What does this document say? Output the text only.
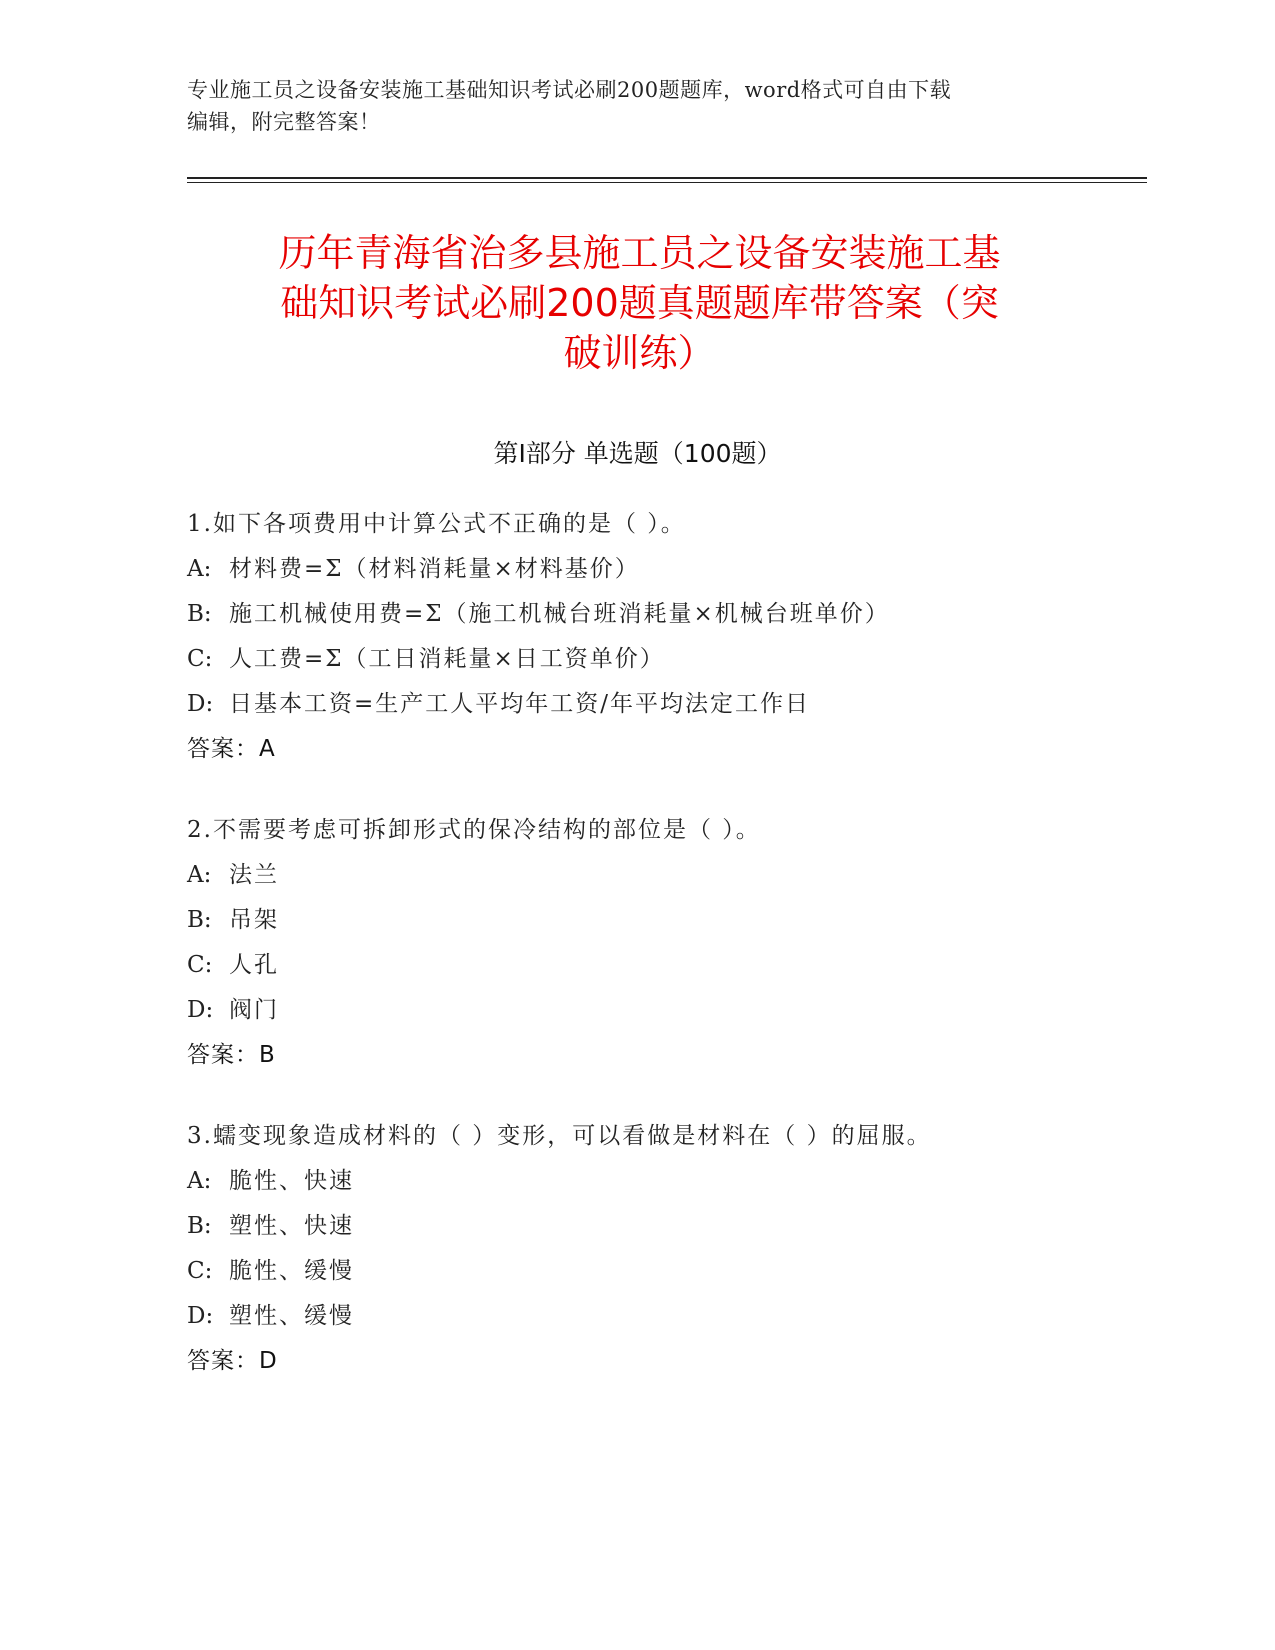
专业施工员之设备安装施工基础知识考试必刷200题题库，word格式可自由下载
编辑，附完整答案！
历年青海省治多县施工员之设备安装施工基
础知识考试必刷200题真题题库带答案（突
破训练）
第Ⅰ部分 单选题（100题）
1.如下各项费用中计算公式不正确的是（ ）。
A: 材料费=Σ（材料消耗量×材料基价）
B: 施工机械使用费=Σ（施工机械台班消耗量×机械台班单价）
C: 人工费=Σ（工日消耗量×日工资单价）
D: 日基本工资=生产工人平均年工资/年平均法定工作日
答案：A
2.不需要考虑可拆卸形式的保冷结构的部位是（ ）。
A: 法兰
B: 吊架
C: 人孔
D: 阀门
答案：B
3.蠕变现象造成材料的（ ）变形，可以看做是材料在（ ）的屈服。
A: 脆性、快速
B: 塑性、快速
C: 脆性、缓慢
D: 塑性、缓慢
答案：D
